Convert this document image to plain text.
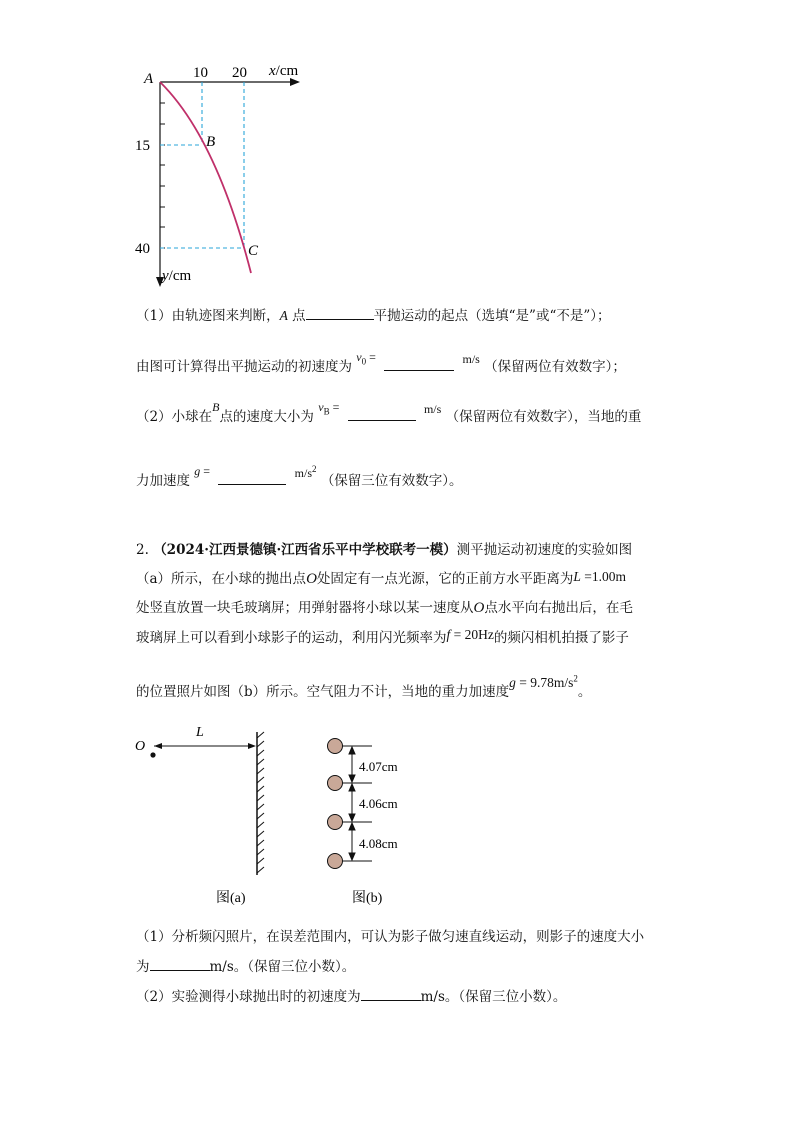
A
B
C
10 20 x/cm
15
40
y/cm
（1）由轨迹图来判断，A 点	平抛运动的起点（选填“是”或“不是”）；
由图可计算得出平抛运动的初速度为 $v_0$ =	m/s （保留两位有效数字）；
（2）小球在B点的速度大小为 $v_B$ =	m/s （保留两位有效数字），当地的重
力加速度 g =	$m/s^2$ （保留三位有效数字）。
2. （2024·江西景德镇·江西省乐平中学校联考一模）测平抛运动初速度的实验如图
（a）所示，在小球的抛出点O处固定有一点光源，它的正前方水平距离为L =1.00m
处竖直放置一块毛玻璃屏；用弹射器将小球以某一速度从O点水平向右抛出后，在毛
玻璃屏上可以看到小球影子的运动，利用闪光频率为f = 20Hz的频闪相机拍摄了影子
的位置照片如图（b）所示。空气阻力不计，当地的重力加速度$g = 9.78m/s^2$。
O
L
图(a)
4.07cm
4.06cm
4.08cm
图(b)
（1）分析频闪照片，在误差范围内，可认为影子做匀速直线运动，则影子的速度大小
为	m/s。（保留三位小数）。
（2）实验测得小球抛出时的初速度为	m/s。（保留三位小数）。
